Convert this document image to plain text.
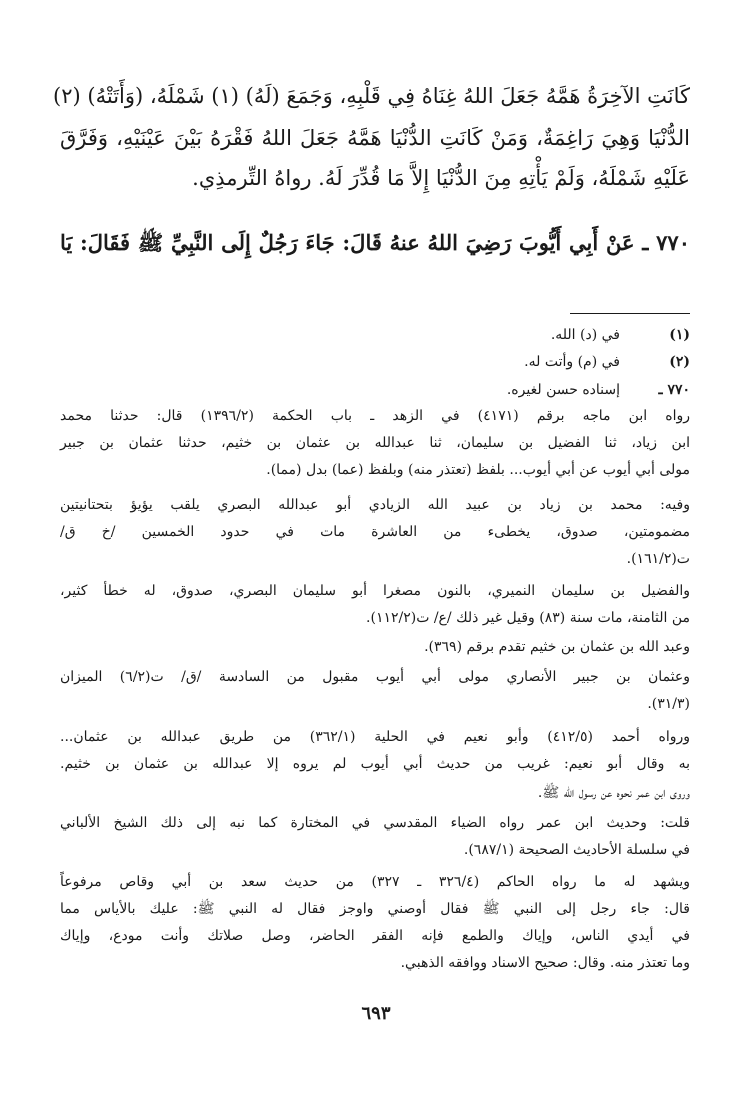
كَانَتِ الآخِرَةُ هَمَّهُ جَعَلَ اللهُ غِنَاهُ فِي قَلْبِهِ، وَجَمَعَ (لَهُ) (١) شَمْلَهُ، (وَأَتَتْهُ) (٢)
الدُّنْيَا وَهِيَ رَاغِمَةٌ، وَمَنْ كَانَتِ الدُّنْيَا هَمَّهُ جَعَلَ اللهُ فَقْرَهُ بَيْنَ عَيْنَيْهِ، وَفَرَّقَ
عَلَيْهِ شَمْلَهُ، وَلَمْ يَأْتِهِ مِنَ الدُّنْيَا إِلاَّ مَا قُدِّرَ لَهُ. رواهُ التِّرمذِي.
٧٧٠ ـ عَنْ أَبِي أَيُّوبَ رَضِيَ اللهُ عنهُ قَالَ: جَاءَ رَجُلٌ إِلَى النَّبِيِّ ﷺ فَقَالَ: يَا
(١)
في (د) الله.
(٢)
في (م) وأتت له.
٧٧٠ ـ
إسناده حسن لغيره.
رواه ابن ماجه برقم (٤١٧١) في الزهد ـ باب الحكمة (١٣٩٦/٢) قال: حدثنا محمد
ابن زياد، ثنا الفضيل بن سليمان، ثنا عبدالله بن عثمان بن خثيم، حدثنا عثمان بن جبير
مولى أبي أيوب عن أبي أيوب... بلفظ (تعتذر منه) وبلفظ (عما) بدل (مما).
وفيه: محمد بن زياد بن عبيد الله الزيادي أبو عبدالله البصري يلقب يؤيؤ بتحتانيتين
مضمومتين، صدوق، يخطىء من العاشرة مات في حدود الخمسين /خ ق/
ت(١٦١/٢).
والفضيل بن سليمان النميري، بالنون مصغرا أبو سليمان البصري، صدوق، له خطأ كثير،
من الثامنة، مات سنة (٨٣) وقيل غير ذلك /ع/ ت(١١٢/٢).
وعبد الله بن عثمان بن خثيم تقدم برقم (٣٦٩).
وعثمان بن جبير الأنصاري مولى أبي أيوب مقبول من السادسة /ق/ ت(٦/٢) الميزان
(٣١/٣).
ورواه أحمد (٤١٢/٥) وأبو نعيم في الحلية (٣٦٢/١) من طريق عبدالله بن عثمان...
به وقال أبو نعيم: غريب من حديث أبي أيوب لم يروه إلا عبدالله بن عثمان بن خثيم.
وروى ابن عمر نحوه عن رسول الله ﷺ.
قلت: وحديث ابن عمر رواه الضياء المقدسي في المختارة كما نبه إلى ذلك الشيخ الألباني
في سلسلة الأحاديث الصحيحة (٦٨٧/١).
ويشهد له ما رواه الحاكم (٣٢٦/٤ ـ ٣٢٧) من حديث سعد بن أبي وقاص مرفوعاً
قال: جاء رجل إلى النبي ﷺ فقال أوصني واوجز فقال له النبي ﷺ: عليك بالأياس مما
في أيدي الناس، وإياك والطمع فإنه الفقر الحاضر، وصل صلاتك وأنت مودع، وإياك
وما تعتذر منه. وقال: صحيح الاسناد ووافقه الذهبي.
٦٩٣
